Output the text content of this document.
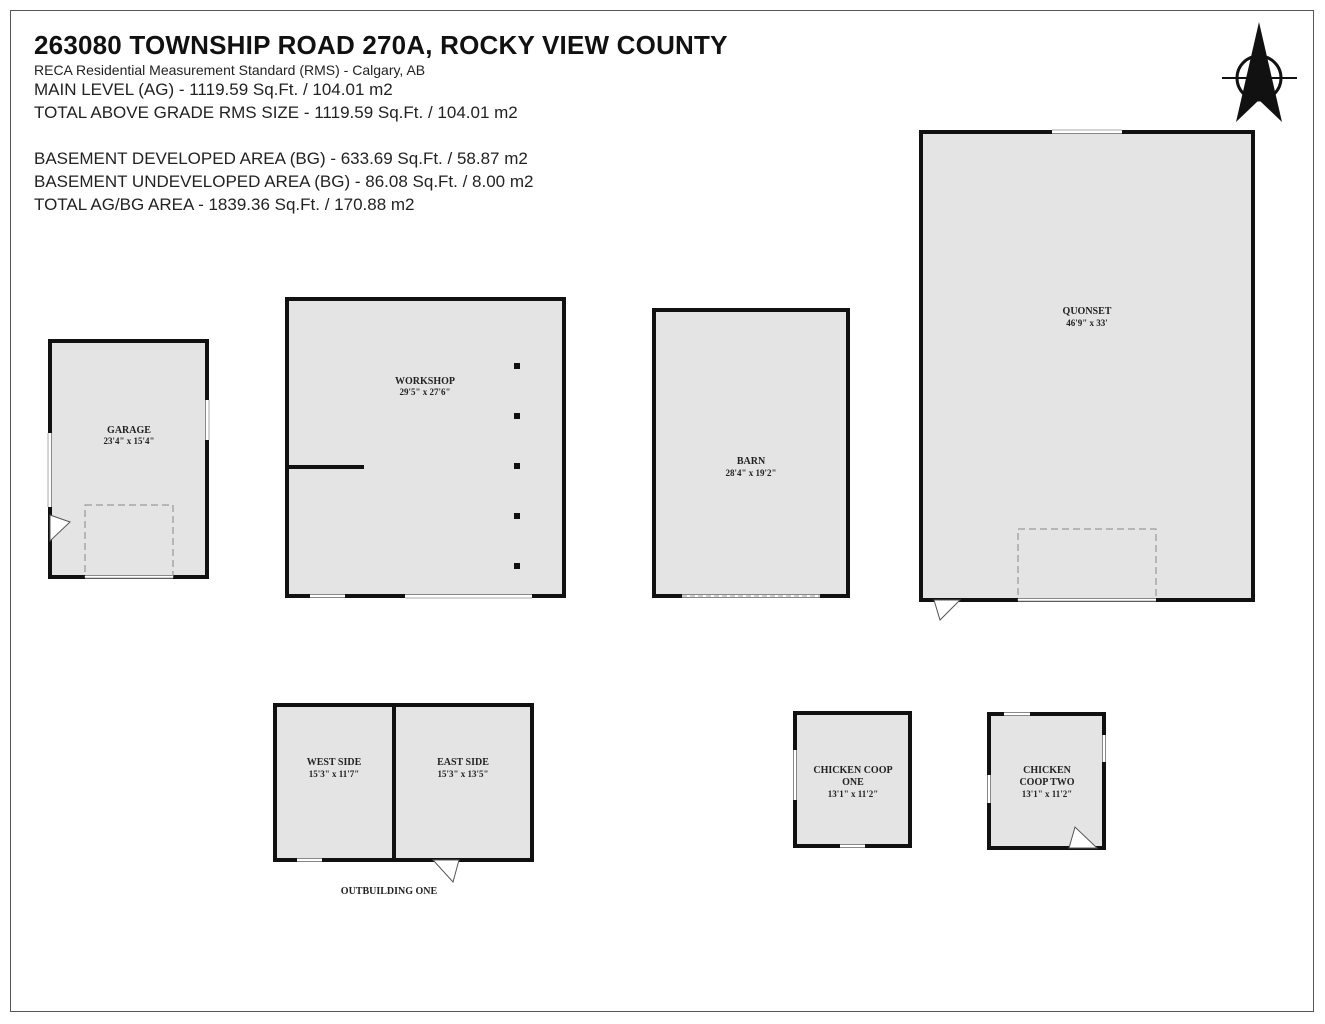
263080 TOWNSHIP ROAD 270A, ROCKY VIEW COUNTY
RECA Residential Measurement Standard (RMS) - Calgary, AB
MAIN LEVEL (AG) - 1119.59 Sq.Ft. / 104.01 m2
TOTAL ABOVE GRADE RMS SIZE - 1119.59 Sq.Ft. / 104.01 m2
BASEMENT DEVELOPED AREA (BG) - 633.69 Sq.Ft. / 58.87 m2
BASEMENT UNDEVELOPED AREA (BG) - 86.08 Sq.Ft. / 8.00 m2
TOTAL AG/BG AREA - 1839.36 Sq.Ft. / 170.88 m2
GARAGE
23'4" x 15'4"
WORKSHOP
29'5" x 27'6"
BARN
28'4" x 19'2"
QUONSET
46'9" x 33'
WEST SIDE
15'3" x 11'7"
EAST SIDE
15'3" x 13'5"	CHICKEN COOP
ONE
13'1" x 11'2"
CHICKEN
COOP TWO
13'1" x 11'2"
OUTBUILDING ONE
